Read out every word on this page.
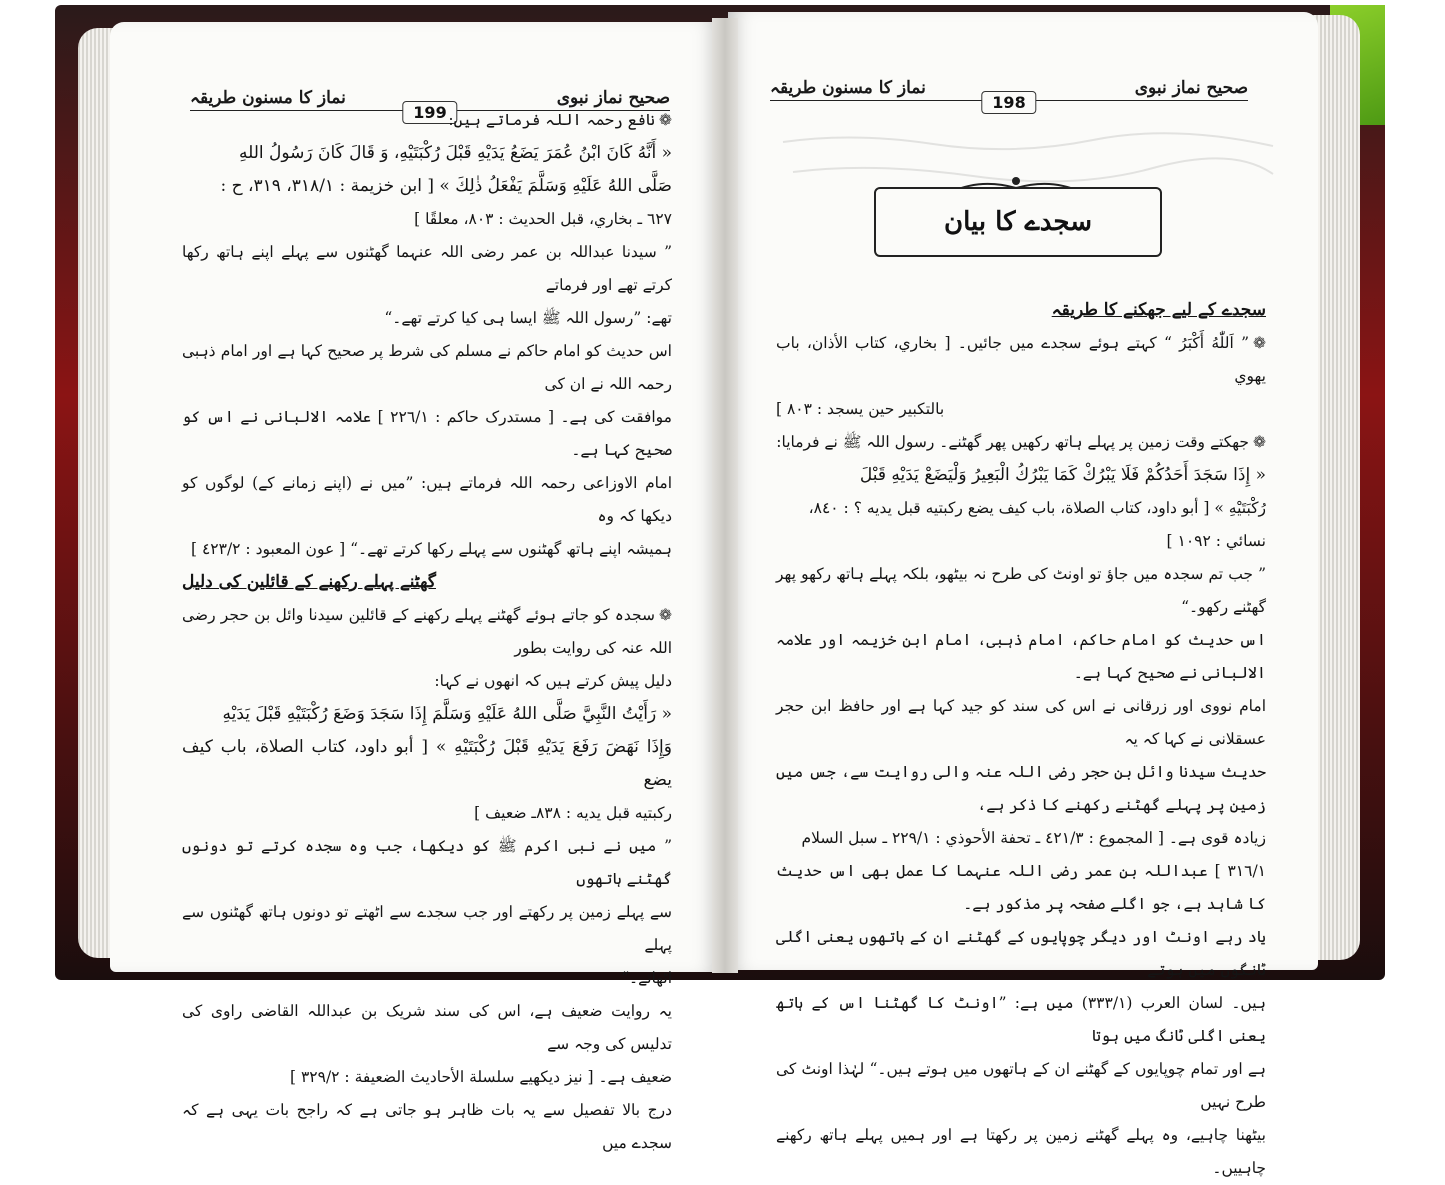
صحیح نماز نبوی
نماز کا مسنون طریقہ
199	❁نافع رحمہ اللہ فرماتے ہیں:

« أَنَّهُ كَانَ ابْنُ عُمَرَ يَضَعُ يَدَيْهِ قَبْلَ رُكْبَتَيْهِ، وَ قَالَ كَانَ رَسُولُ اللهِ

صَلَّى اللهُ عَلَيْهِ وَسَلَّمَ يَفْعَلُ ذٰلِكَ » [ ابن خزيمة : ٣١٨/١، ٣١٩، ح :

٦٢٧ ـ بخاري، قبل الحديث : ٨٠٣، معلقًا ]

” سیدنا عبداللہ بن عمر رضی اللہ عنہما گھٹنوں سے پہلے اپنے ہاتھ رکھا کرتے تھے اور فرماتے

تھے: ”رسول اللہ ﷺ ایسا ہی کیا کرتے تھے۔“

اس حدیث کو امام حاکم نے مسلم کی شرط پر صحیح کہا ہے اور امام ذہبی رحمہ اللہ نے ان کی

موافقت کی ہے۔ [ مستدرک حاکم : ٢٢٦/١ ] علامہ الالبانی نے اس کو صحیح کہا ہے۔

امام الاوزاعی رحمہ اللہ فرماتے ہیں: ”میں نے (اپنے زمانے کے) لوگوں کو دیکھا کہ وہ

ہمیشہ اپنے ہاتھ گھٹنوں سے پہلے رکھا کرتے تھے۔“ [ عون المعبود : ٤٢٣/٢ ]

گھٹنے پہلے رکھنے کے قائلین کی دلیل

❁سجدہ کو جاتے ہوئے گھٹنے پہلے رکھنے کے قائلین سیدنا وائل بن حجر رضی اللہ عنہ کی روایت بطور

دلیل پیش کرتے ہیں کہ انھوں نے کہا:

« رَأَيْتُ النَّبِيَّ صَلَّى اللهُ عَلَيْهِ وَسَلَّمَ إِذَا سَجَدَ وَضَعَ رُكْبَتَيْهِ قَبْلَ يَدَيْهِ

وَإِذَا نَهَضَ رَفَعَ يَدَيْهِ قَبْلَ رُكْبَتَيْهِ » [ أبو داود، كتاب الصلاة، باب كيف يضع

ركبتيه قبل يديه : ٨٣٨ـ ضعيف ]

” میں نے نبی اکرم ﷺ کو دیکھا، جب وہ سجدہ کرتے تو دونوں گھٹنے ہاتھوں

سے پہلے زمین پر رکھتے اور جب سجدے سے اٹھتے تو دونوں ہاتھ گھٹنوں سے پہلے

اٹھاتے۔“

یہ روایت ضعیف ہے، اس کی سند شریک بن عبداللہ القاضی راوی کی تدلیس کی وجہ سے

ضعیف ہے۔ [ نیز دیکھیے سلسلة الأحاديث الضعيفة : ٣٢٩/٢ ]

درج بالا تفصیل سے یہ بات ظاہر ہو جاتی ہے کہ راجح بات یہی ہے کہ سجدے میں

صحیح نماز نبوی
نماز کا مسنون طریقہ
198
سجدے کا بیان

سجدے کے لیے جھکنے کا طریقہ

❁” اَللّٰهُ أَكْبَرُ “ کہتے ہوئے سجدے میں جائیں۔ [ بخاري، كتاب الأذان، باب يهوي

بالتكبير حين يسجد : ٨٠٣ ]

❁جھکتے وقت زمین پر پہلے ہاتھ رکھیں پھر گھٹنے۔ رسول اللہ ﷺ نے فرمایا:

« إِذَا سَجَدَ أَحَدُكُمْ فَلَا يَبْرُكْ كَمَا يَبْرُكُ الْبَعِيرُ وَلْيَضَعْ يَدَيْهِ قَبْلَ

رُكْبَتَيْهِ » [ أبو داود، كتاب الصلاة، باب كيف يضع ركبتيه قبل يديه ؟ : ٨٤٠،

نسائي : ١٠٩٢ ]

” جب تم سجدہ میں جاؤ تو اونٹ کی طرح نہ بیٹھو، بلکہ پہلے ہاتھ رکھو پھر گھٹنے رکھو۔“

اس حدیث کو امام حاکم، امام ذہبی، امام ابن خزیمہ اور علامہ الالبانی نے صحیح کہا ہے۔

امام نووی اور زرقانی نے اس کی سند کو جید کہا ہے اور حافظ ابن حجر عسقلانی نے کہا کہ یہ

حدیث سیدنا وائل بن حجر رضی اللہ عنہ والی روایت سے، جس میں زمین پر پہلے گھٹنے رکھنے کا ذکر ہے،

زیادہ قوی ہے۔ [ المجموع : ٤٢١/٣ ـ تحفة الأحوذي : ٢٢٩/١ ـ سبل السلام

٣١٦/١ ] عبداللہ بن عمر رضی اللہ عنہما کا عمل بھی اس حدیث کا شاہد ہے، جو اگلے صفحہ پر مذکور ہے۔

یاد رہے اونٹ اور دیگر چوپایوں کے گھٹنے ان کے ہاتھوں یعنی اگلی ٹانگوں میں ہوتے

ہیں۔ لسان العرب (٣٣٣/١) میں ہے: ”اونٹ کا گھٹنا اس کے ہاتھ یعنی اگلی ٹانگ میں ہوتا

ہے اور تمام چوپایوں کے گھٹنے ان کے ہاتھوں میں ہوتے ہیں۔“ لہٰذا اونٹ کی طرح نہیں

بیٹھنا چاہیے، وہ پہلے گھٹنے زمین پر رکھتا ہے اور ہمیں پہلے ہاتھ رکھنے چاہییں۔
